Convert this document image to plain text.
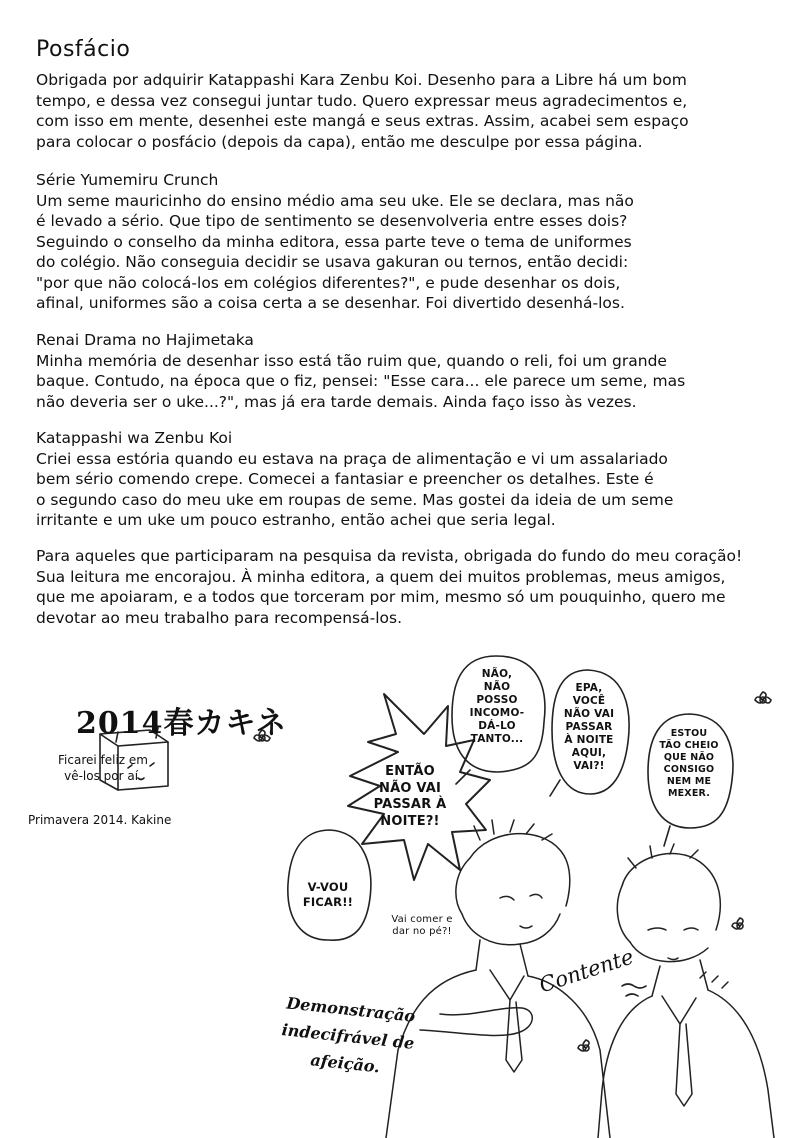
Posfácio
Obrigada por adquirir Katappashi Kara Zenbu Koi. Desenho para a Libre há um bom
tempo, e dessa vez consegui juntar tudo. Quero expressar meus agradecimentos e,
com isso em mente, desenhei este mangá e seus extras. Assim, acabei sem espaço
para colocar o posfácio (depois da capa), então me desculpe por essa página.
Série Yumemiru Crunch
Um seme mauricinho do ensino médio ama seu uke. Ele se declara, mas não
é levado a sério. Que tipo de sentimento se desenvolveria entre esses dois?
Seguindo o conselho da minha editora, essa parte teve o tema de uniformes
do colégio. Não conseguia decidir se usava gakuran ou ternos, então decidi:
"por que não colocá-los em colégios diferentes?", e pude desenhar os dois,
afinal, uniformes são a coisa certa a se desenhar. Foi divertido desenhá-los.
Renai Drama no Hajimetaka
Minha memória de desenhar isso está tão ruim que, quando o reli, foi um grande
baque. Contudo, na época que o fiz, pensei: "Esse cara... ele parece um seme, mas
não deveria ser o uke...?", mas já era tarde demais. Ainda faço isso às vezes.
Katappashi wa Zenbu Koi
Criei essa estória quando eu estava na praça de alimentação e vi um assalariado
bem sério comendo crepe. Comecei a fantasiar e preencher os detalhes. Este é
o segundo caso do meu uke em roupas de seme. Mas gostei da ideia de um seme
irritante e um uke um pouco estranho, então achei que seria legal.
Para aqueles que participaram na pesquisa da revista, obrigada do fundo do meu coração!
Sua leitura me encorajou. À minha editora, a quem dei muitos problemas, meus amigos,
que me apoiaram, e a todos que torceram por mim, mesmo só um pouquinho, quero me
devotar ao meu trabalho para recompensá-los.
2014春カキネ
Ficarei feliz em
vê-los por aí.
Primavera 2014. Kakine
NÃO,
NÃO
POSSO
INCOMO-
DÁ-LO
TANTO...
EPA,
VOCÊ
NÃO VAI
PASSAR
À NOITE
AQUI,
VAI?!
ESTOU
TÃO CHEIO
QUE NÃO
CONSIGO
NEM ME
MEXER.
ENTÃO
NÃO VAI
PASSAR À
NOITE?!
V-VOU
FICAR!!
Vai comer e
dar no pé?!
Contente
Demonstração
indecifrável de
afeição.
